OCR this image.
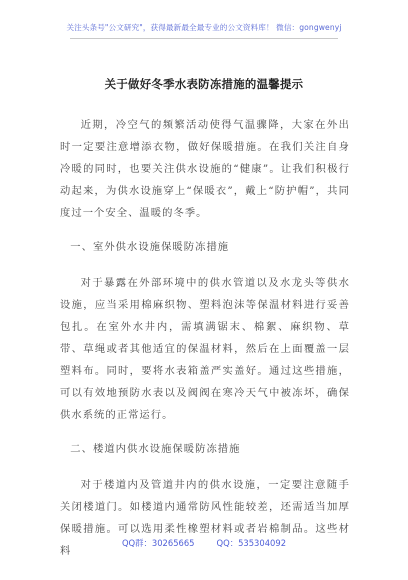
关注头条号"公文研究"，获得最新最全最专业的公文资料库！ 微信：gongwenyj
关于做好冬季水表防冻措施的温馨提示

近期，冷空气的频繁活动使得气温骤降，大家在外出时一定要注意增添衣物，做好保暖措施。在我们关注自身冷暖的同时，也要关注供水设施的“健康”。让我们积极行动起来，为供水设施穿上“保暖衣”，戴上“防护帽”，共同度过一个安全、温暖的冬季。

一、室外供水设施保暖防冻措施

对于暴露在外部环境中的供水管道以及水龙头等供水设施，应当采用棉麻织物、塑料泡沫等保温材料进行妥善包扎。在室外水井内，需填满锯末、棉絮、麻织物、草带、草绳或者其他适宜的保温材料，然后在上面覆盖一层塑料布。同时，要将水表箱盖严实盖好。通过这些措施，可以有效地预防水表以及阀阀在寒冷天气中被冻坏，确保供水系统的正常运行。

二、楼道内供水设施保暖防冻措施

对于楼道内及管道井内的供水设施，一定要注意随手关闭楼道门。如楼道内通常防风性能较差，还需适当加厚保暖措施。可以选用柔性橡塑材料或者岩棉制品。这些材料

QQ群：30265665	QQ：535304092
